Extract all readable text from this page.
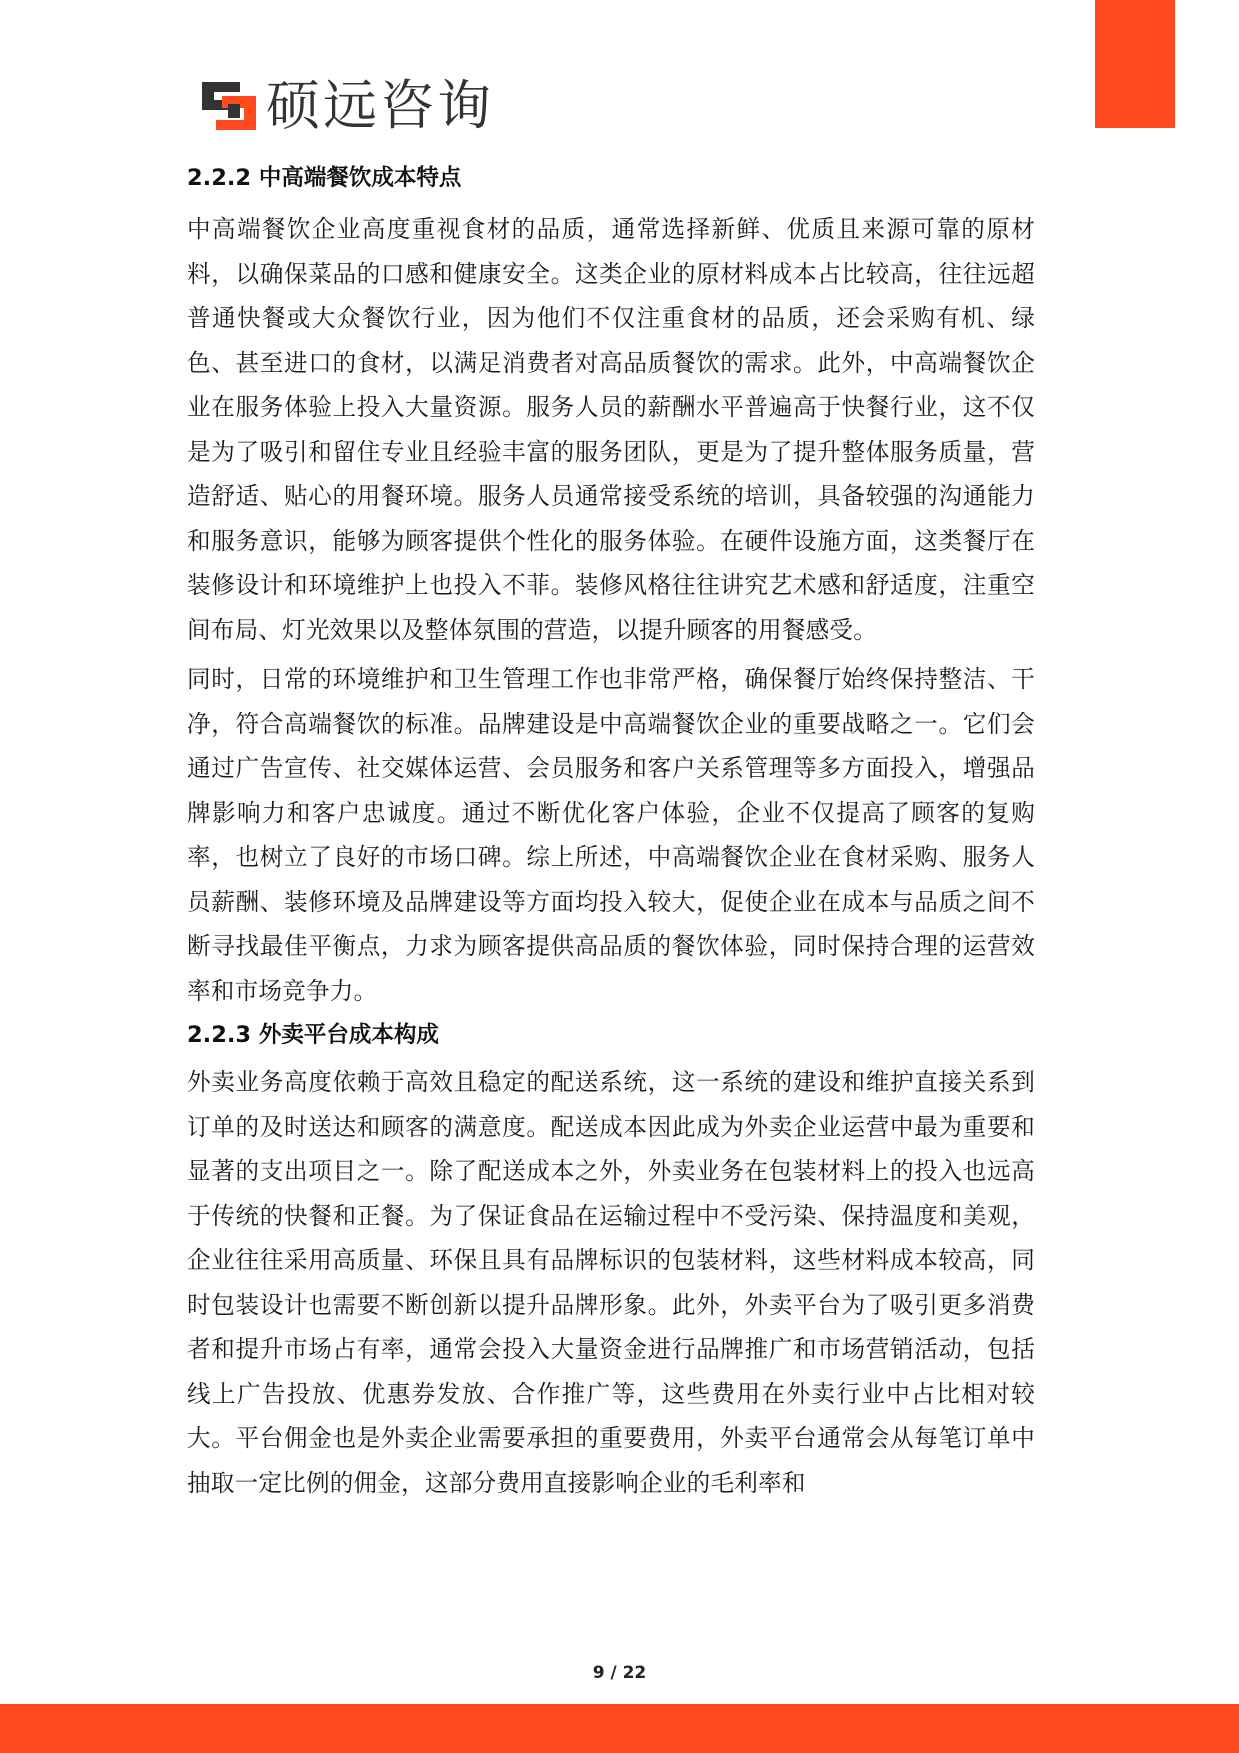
硕远咨询
2.2.2 中高端餐饮成本特点

中高端餐饮企业高度重视食材的品质，通常选择新鲜、优质且来源可靠的原材料，以确保菜品的口感和健康安全。这类企业的原材料成本占比较高，往往远超普通快餐或大众餐饮行业，因为他们不仅注重食材的品质，还会采购有机、绿色、甚至进口的食材，以满足消费者对高品质餐饮的需求。此外，中高端餐饮企业在服务体验上投入大量资源。服务人员的薪酬水平普遍高于快餐行业，这不仅是为了吸引和留住专业且经验丰富的服务团队，更是为了提升整体服务质量，营造舒适、贴心的用餐环境。服务人员通常接受系统的培训，具备较强的沟通能力和服务意识，能够为顾客提供个性化的服务体验。在硬件设施方面，这类餐厅在装修设计和环境维护上也投入不菲。装修风格往往讲究艺术感和舒适度，注重空间布局、灯光效果以及整体氛围的营造，以提升顾客的用餐感受。

同时，日常的环境维护和卫生管理工作也非常严格，确保餐厅始终保持整洁、干净，符合高端餐饮的标准。品牌建设是中高端餐饮企业的重要战略之一。它们会通过广告宣传、社交媒体运营、会员服务和客户关系管理等多方面投入，增强品牌影响力和客户忠诚度。通过不断优化客户体验，企业不仅提高了顾客的复购率，也树立了良好的市场口碑。综上所述，中高端餐饮企业在食材采购、服务人员薪酬、装修环境及品牌建设等方面均投入较大，促使企业在成本与品质之间不断寻找最佳平衡点，力求为顾客提供高品质的餐饮体验，同时保持合理的运营效率和市场竞争力。

2.2.3 外卖平台成本构成

外卖业务高度依赖于高效且稳定的配送系统，这一系统的建设和维护直接关系到订单的及时送达和顾客的满意度。配送成本因此成为外卖企业运营中最为重要和显著的支出项目之一。除了配送成本之外，外卖业务在包装材料上的投入也远高于传统的快餐和正餐。为了保证食品在运输过程中不受污染、保持温度和美观，企业往往采用高质量、环保且具有品牌标识的包装材料，这些材料成本较高，同时包装设计也需要不断创新以提升品牌形象。此外，外卖平台为了吸引更多消费者和提升市场占有率，通常会投入大量资金进行品牌推广和市场营销活动，包括线上广告投放、优惠券发放、合作推广等，这些费用在外卖行业中占比相对较大。平台佣金也是外卖企业需要承担的重要费用，外卖平台通常会从每笔订单中抽取一定比例的佣金，这部分费用直接影响企业的毛利率和

9 / 22
